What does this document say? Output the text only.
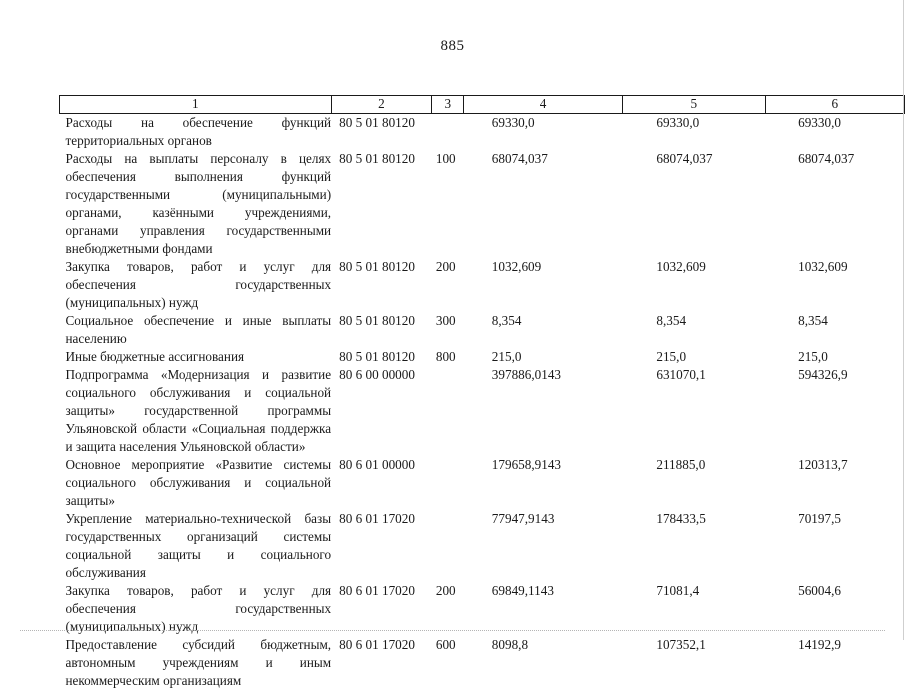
885
1	2	3	4	5	6
Расходы на обеспечение функций территориальных органов	80 5 01 80120		69330,0	69330,0	69330,0
Расходы на выплаты персоналу в целях обеспечения выполнения функций государственными (муниципальными) органами, казёнными учреждениями, органами управления государственными внебюджетными фондами	80 5 01 80120	100	68074,037	68074,037	68074,037
Закупка товаров, работ и услуг для обеспечения государственных (муниципальных) нужд	80 5 01 80120	200	1032,609	1032,609	1032,609
Социальное обеспечение и иные выплаты населению	80 5 01 80120	300	8,354	8,354	8,354
Иные бюджетные ассигнования	80 5 01 80120	800	215,0	215,0	215,0
Подпрограмма «Модернизация и развитие социального обслуживания и социальной защиты» государственной программы Ульяновской области «Социальная поддержка и защита населения Ульяновской области»	80 6 00 00000		397886,0143	631070,1	594326,9
Основное мероприятие «Развитие системы социального обслуживания и социальной защиты»	80 6 01 00000		179658,9143	211885,0	120313,7
Укрепление материально-технической базы государственных организаций системы социальной защиты и социального обслуживания	80 6 01 17020		77947,9143	178433,5	70197,5
Закупка товаров, работ и услуг для обеспечения государственных (муниципальных) нужд	80 6 01 17020	200	69849,1143	71081,4	56004,6
Предоставление субсидий бюджетным, автономным учреждениям и иным некоммерческим организациям	80 6 01 17020	600	8098,8	107352,1	14192,9
